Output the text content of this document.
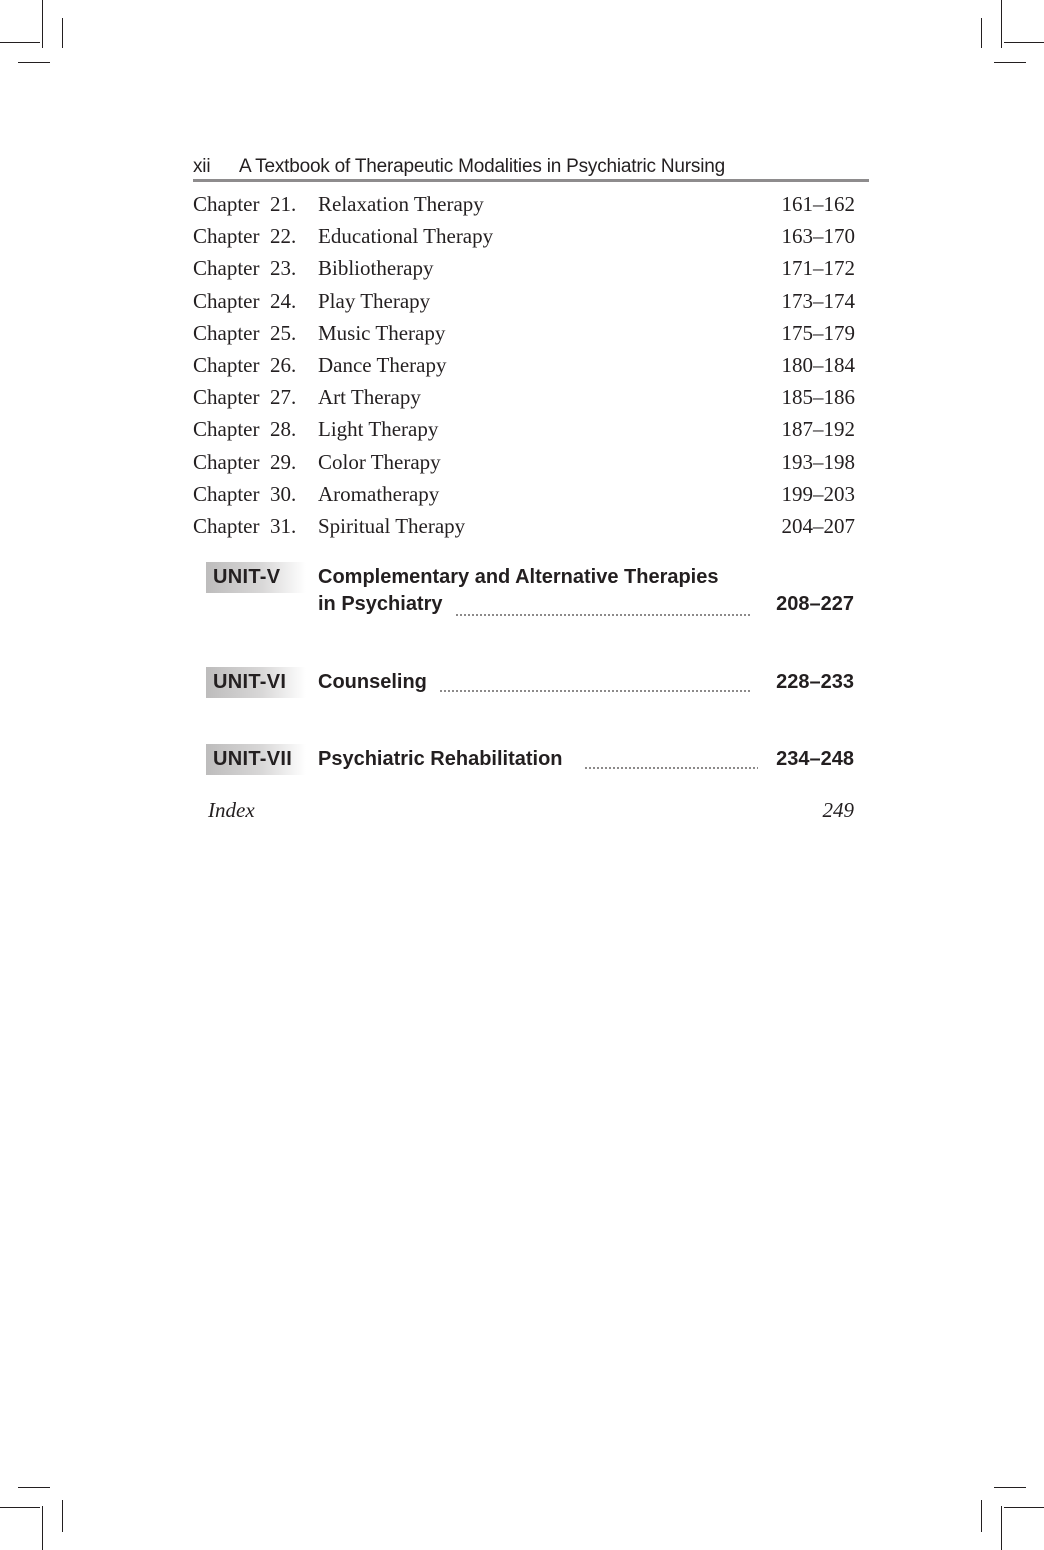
xii A Textbook of Therapeutic Modalities in Psychiatric Nursing
Chapter 21. Relaxation Therapy	161–162
Chapter 22. Educational Therapy	163–170
Chapter 23. Bibliotherapy	171–172
Chapter 24. Play Therapy	173–174
Chapter 25. Music Therapy	175–179
Chapter 26. Dance Therapy	180–184
Chapter 27. Art Therapy	185–186
Chapter 28. Light Therapy	187–192
Chapter 29. Color Therapy	193–198
Chapter 30. Aromatherapy	199–203
Chapter 31. Spiritual Therapy	204–207
UNIT-V	Complementary and Alternative Therapies
in Psychiatry	208–227
UNIT-VI	Counseling	228–233
UNIT-VII	Psychiatric Rehabilitation	234–248
Index	249
